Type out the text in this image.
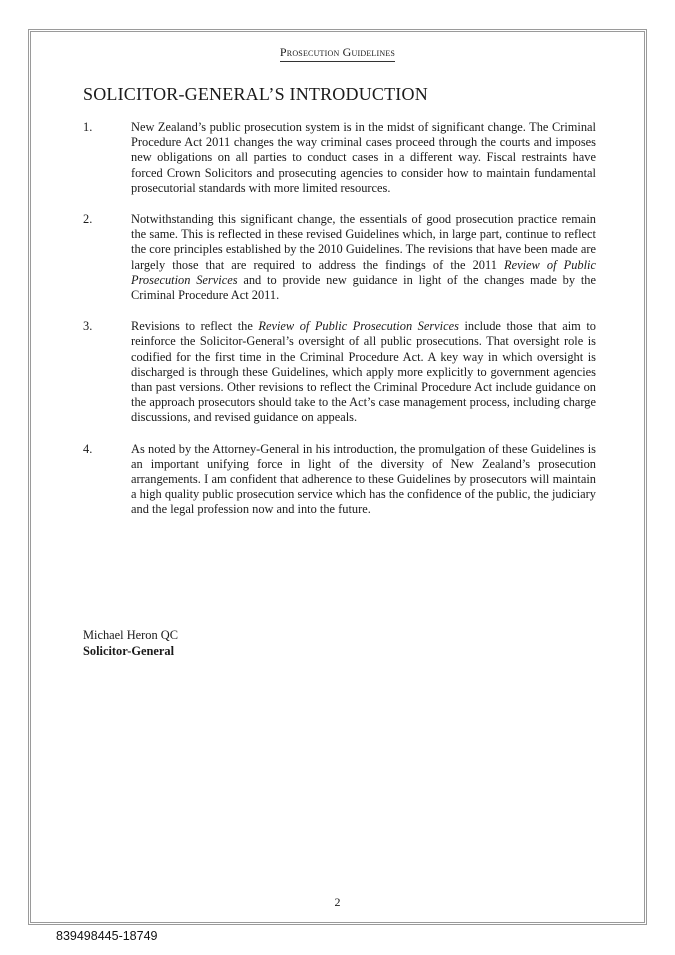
Prosecution Guidelines
SOLICITOR-GENERAL’S INTRODUCTION
1.	New Zealand’s public prosecution system is in the midst of significant change. The Criminal Procedure Act 2011 changes the way criminal cases proceed through the courts and imposes new obligations on all parties to conduct cases in a different way. Fiscal restraints have forced Crown Solicitors and prosecuting agencies to consider how to maintain fundamental prosecutorial standards with more limited resources.
2.	Notwithstanding this significant change, the essentials of good prosecution practice remain the same. This is reflected in these revised Guidelines which, in large part, continue to reflect the core principles established by the 2010 Guidelines. The revisions that have been made are largely those that are required to address the findings of the 2011 Review of Public Prosecution Services and to provide new guidance in light of the changes made by the Criminal Procedure Act 2011.
3.	Revisions to reflect the Review of Public Prosecution Services include those that aim to reinforce the Solicitor-General’s oversight of all public prosecutions. That oversight role is codified for the first time in the Criminal Procedure Act. A key way in which oversight is discharged is through these Guidelines, which apply more explicitly to government agencies than past versions. Other revisions to reflect the Criminal Procedure Act include guidance on the approach prosecutors should take to the Act’s case management process, including charge discussions, and revised guidance on appeals.
4.	As noted by the Attorney-General in his introduction, the promulgation of these Guidelines is an important unifying force in light of the diversity of New Zealand’s prosecution arrangements. I am confident that adherence to these Guidelines by prosecutors will maintain a high quality public prosecution service which has the confidence of the public, the judiciary and the legal profession now and into the future.
Michael Heron QC
Solicitor-General
2
839498445-18749
